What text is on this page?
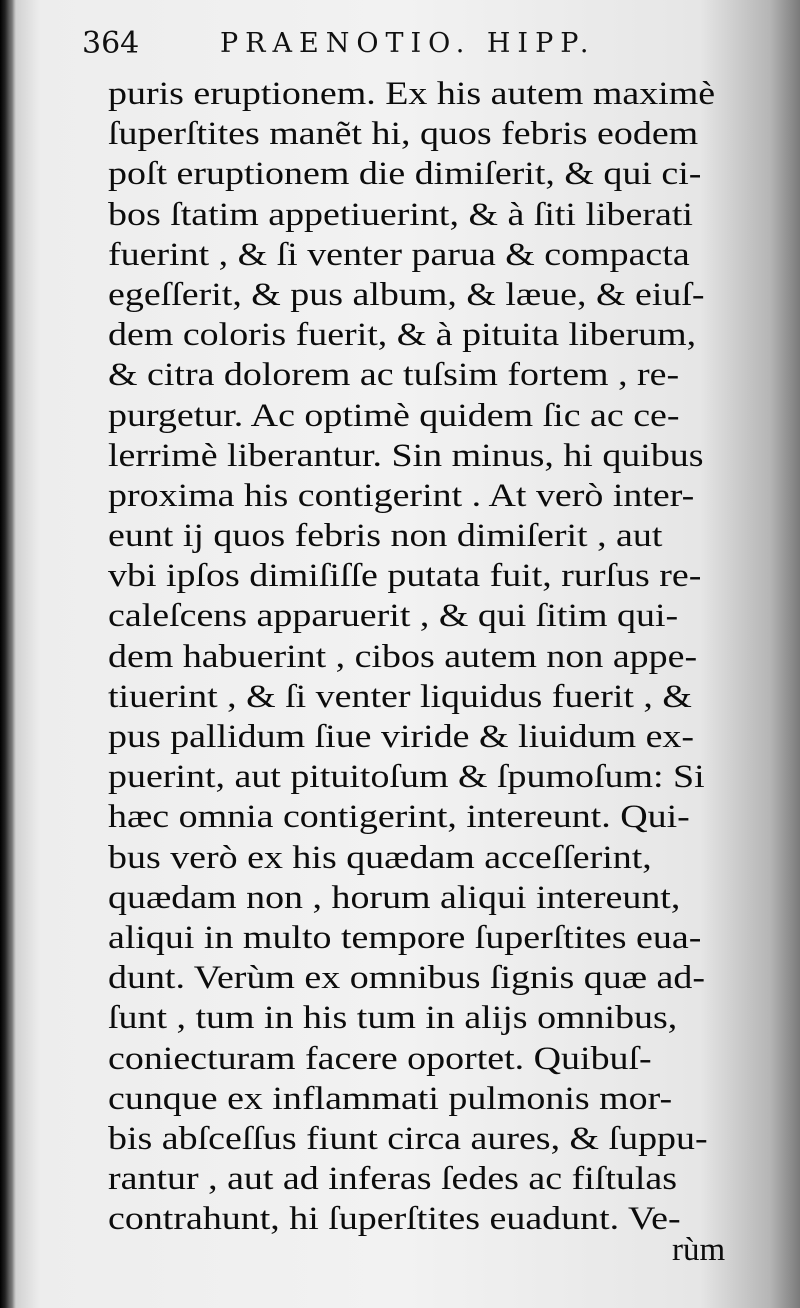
364	PRAENOTIO. HIPP.
puris eruptionem. Ex his autem maximè
ſuperſtites manẽt hi, quos febris eodem
poſt eruptionem die dimiſerit, & qui ci-
bos ſtatim appetiuerint, & à ſiti liberati
fuerint , & ſi venter parua & compacta
egeſſerit, & pus album, & læue, & eiuſ-
dem coloris fuerit, & à pituita liberum,
& citra dolorem ac tuſsim fortem , re-
purgetur. Ac optimè quidem ſic ac ce-
lerrimè liberantur. Sin minus, hi quibus
proxima his contigerint . At verò inter-
eunt ij quos febris non dimiſerit , aut
vbi ipſos dimiſiſſe putata fuit, rurſus re-
caleſcens apparuerit , & qui ſitim qui-
dem habuerint , cibos autem non appe-
tiuerint , & ſi venter liquidus fuerit , &
pus pallidum ſiue viride & liuidum ex-
puerint, aut pituitoſum & ſpumoſum: Si
hæc omnia contigerint, intereunt. Qui-
bus verò ex his quædam acceſſerint,
quædam non , horum aliqui intereunt,
aliqui in multo tempore ſuperſtites eua-
dunt. Verùm ex omnibus ſignis quæ ad-
ſunt , tum in his tum in alijs omnibus,
coniecturam facere oportet. Quibuſ-
cunque ex inflammati pulmonis mor-
bis abſceſſus fiunt circa aures, & ſuppu-
rantur , aut ad inferas ſedes ac fiſtulas
contrahunt, hi ſuperſtites euadunt. Ve-
rùm
